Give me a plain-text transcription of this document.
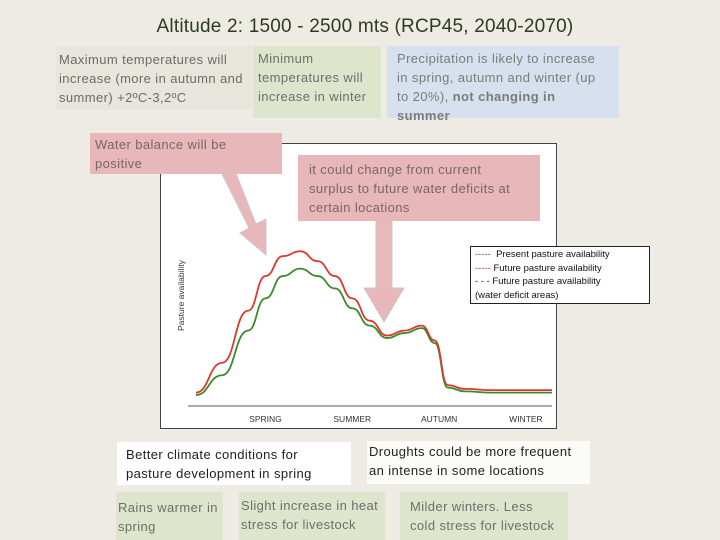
Altitude 2: 1500 - 2500 mts (RCP45, 2040-2070)
Maximum temperatures will increase (more in autumn and summer) +2ºC-3,2ºC
Minimum temperatures will increase in winter
Precipitation is likely to increase in spring, autumn and winter (up to 20%), not changing in summer
Pasture availability
SPRING	SUMMER	AUTUMN	WINTER
Water balance will be positive	it could change from current surplus to future water deficits at certain locations
----- Present pasture availability
----- Future pasture availability
- - - Future pasture availability
(water deficit areas)
Better climate conditions for pasture development in spring
Droughts could be more frequent an intense in some locations
Rains warmer in spring
Slight increase in heat stress for livestock
Milder winters. Less cold stress for livestock
